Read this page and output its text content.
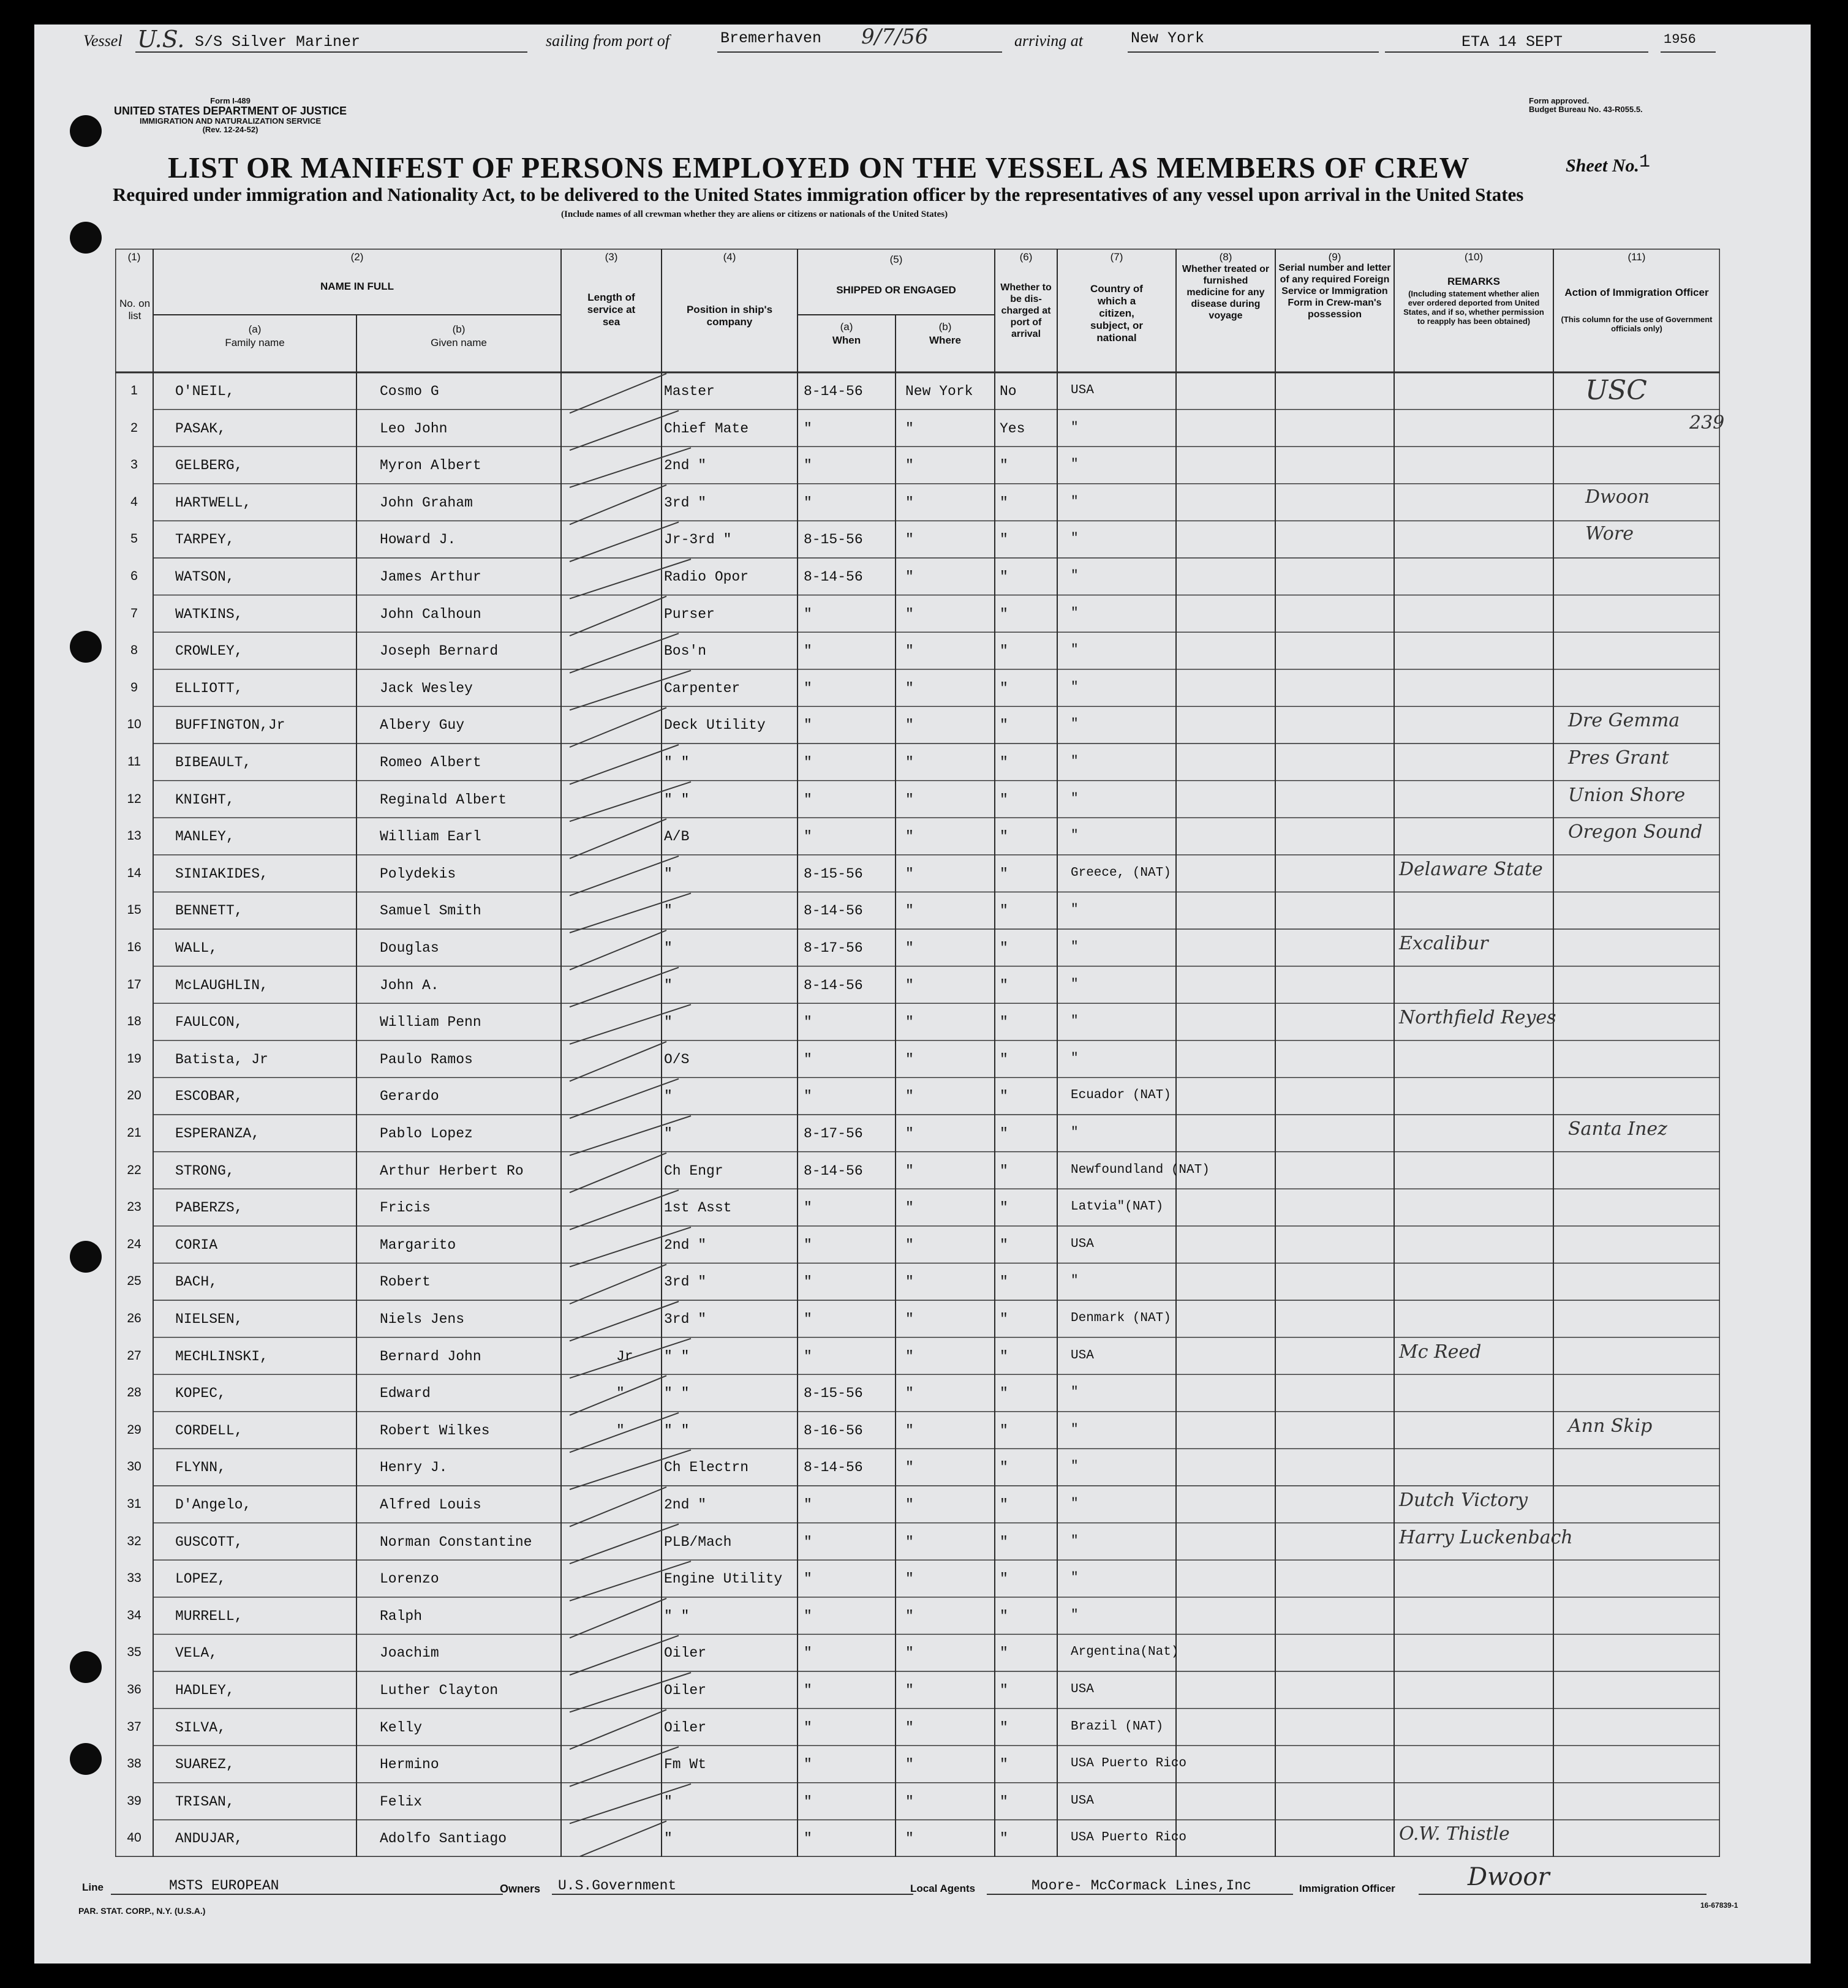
Form I-489
UNITED STATES DEPARTMENT OF JUSTICE
IMMIGRATION AND NATURALIZATION SERVICE
(Rev. 12-24-52)
Form approved.
Budget Bureau No. 43-R055.5.
LIST OR MANIFEST OF PERSONS EMPLOYED ON THE VESSEL AS MEMBERS OF CREW	Sheet No. 1
Required under immigration and Nationality Act, to be delivered to the United States immigration officer by the representatives of any vessel upon arrival in the United States
(Include names of all crewman whether they are aliens or citizens or nationals of the United States)
Vessel U.S. S/S Silver Mariner	sailing from port of	Bremerhaven 9/7/56	arriving at	New York	ETA 14 SEPT	1956
(1)
No. on list
(2)
NAME IN FULL
(a)
Family name
(b)
Given name
(3)
Length of service at sea
(4)
Position in ship's company
(5)
SHIPPED OR ENGAGED
(a)
When
(b)
Where
(6)
Whether to be dis-charged at port of arrival
(7)
Country of which a citizen, subject, or national
(8)
Whether treated or furnished medicine for any disease during voyage
(9)
Serial number and letter of any required Foreign Service or Immigration Form in Crew-man's possession
(10)
REMARKS
(Including statement whether alien ever ordered deported from United States, and if so, whether permission to reapply has been obtained)
(11)
Action of Immigration Officer
(This column for the use of Government officials only)
1	O'NEIL,	Cosmo G	Master	8-14-56	New York No	USA	USC
2	PASAK,	Leo John	Chief Mate	"	"	Yes	"	239
3	GELBERG,	Myron Albert	2nd "	"	"	"	"
4	HARTWELL,	John Graham	3rd "	"	"	"	"	Dwoon
5	TARPEY,	Howard J.	Jr-3rd "	8-15-56	"	"	"	Wore
6	WATSON,	James Arthur	Radio Opor	8-14-56	"	"	"
7	WATKINS,	John Calhoun	Purser	"	"	"	"
8	CROWLEY,	Joseph Bernard	Bos'n	"	"	"	"
9	ELLIOTT,	Jack Wesley	Carpenter	"	"	"	"
10	BUFFINGTON,Jr	Albery Guy	Deck Utility	"	"	"	"
11	BIBEAULT,	Romeo Albert	" "	"	"	"	"
12	KNIGHT,	Reginald Albert	" "	"	"	"	"
13	MANLEY,	William Earl	A/B	"	"	"	"
14	SINIAKIDES,	Polydekis	"	8-15-56	"	"	Greece, (NAT)
15	BENNETT,	Samuel Smith	"	8-14-56	"	"	"
16	WALL,	Douglas	"	8-17-56	"	"	"
17	McLAUGHLIN,	John A.	"	8-14-56	"	"	"
18	FAULCON,	William Penn	"	"	"	"	"
19	Batista, Jr	Paulo Ramos	O/S	"	"	"	"
20	ESCOBAR,	Gerardo	"	"	"	"	Ecuador (NAT)
21	ESPERANZA,	Pablo Lopez	"	8-17-56	"	"	"
22	STRONG,	Arthur Herbert Ro	Ch Engr	8-14-56	"	"	Newfoundland (NAT)
23	PABERZS,	Fricis	1st Asst	"	"	"	Latvia"(NAT)
24	CORIA	Margarito	2nd "	"	"	"	USA
25	BACH,	Robert	3rd "	"	"	"	"
26	NIELSEN,	Niels Jens	3rd "	"	"	"	Denmark (NAT)
27	MECHLINSKI,	Bernard John	Jr " "	"	"	"	USA
28	KOPEC,	Edward	"	" "	8-15-56	"	"	"
29	CORDELL,	Robert Wilkes	"	" "	8-16-56	"	"	"
30	FLYNN,	Henry J.	Ch Electrn	8-14-56	"	"	"
31	D'Angelo,	Alfred Louis	2nd "	"	"	"	"
32	GUSCOTT,	Norman Constantine	PLB/Mach	"	"	"	"
33	LOPEZ,	Lorenzo	Engine Utility "	"	"	"
34	MURRELL,	Ralph	" "	"	"	"	"
35	VELA,	Joachim	Oiler	"	"	"	Argentina(Nat)
36	HADLEY,	Luther Clayton	Oiler	"	"	"	USA
37	SILVA,	Kelly	Oiler	"	"	"	Brazil (NAT)
38	SUAREZ,	Hermino	Fm Wt	"	"	"	USA Puerto Rico
39	TRISAN,	Felix	"	"	"	"	USA
40	ANDUJAR,	Adolfo Santiago	"	"	"	"	USA Puerto Rico
Dre Gemma
Pres Grant
Union Shore
Oregon Sound
Delaware State
Excalibur
Northfield Reyes
Santa Inez
Mc Reed
Ann Skip
Dutch Victory
Harry Luckenbach
O.W. Thistle
Line	MSTS EUROPEAN	Owners U.S.Government	Local Agents	Moore- McCormack Lines,Inc	Immigration Officer	Dwoor
PAR. STAT. CORP., N.Y. (U.S.A.)
16-67839-1
